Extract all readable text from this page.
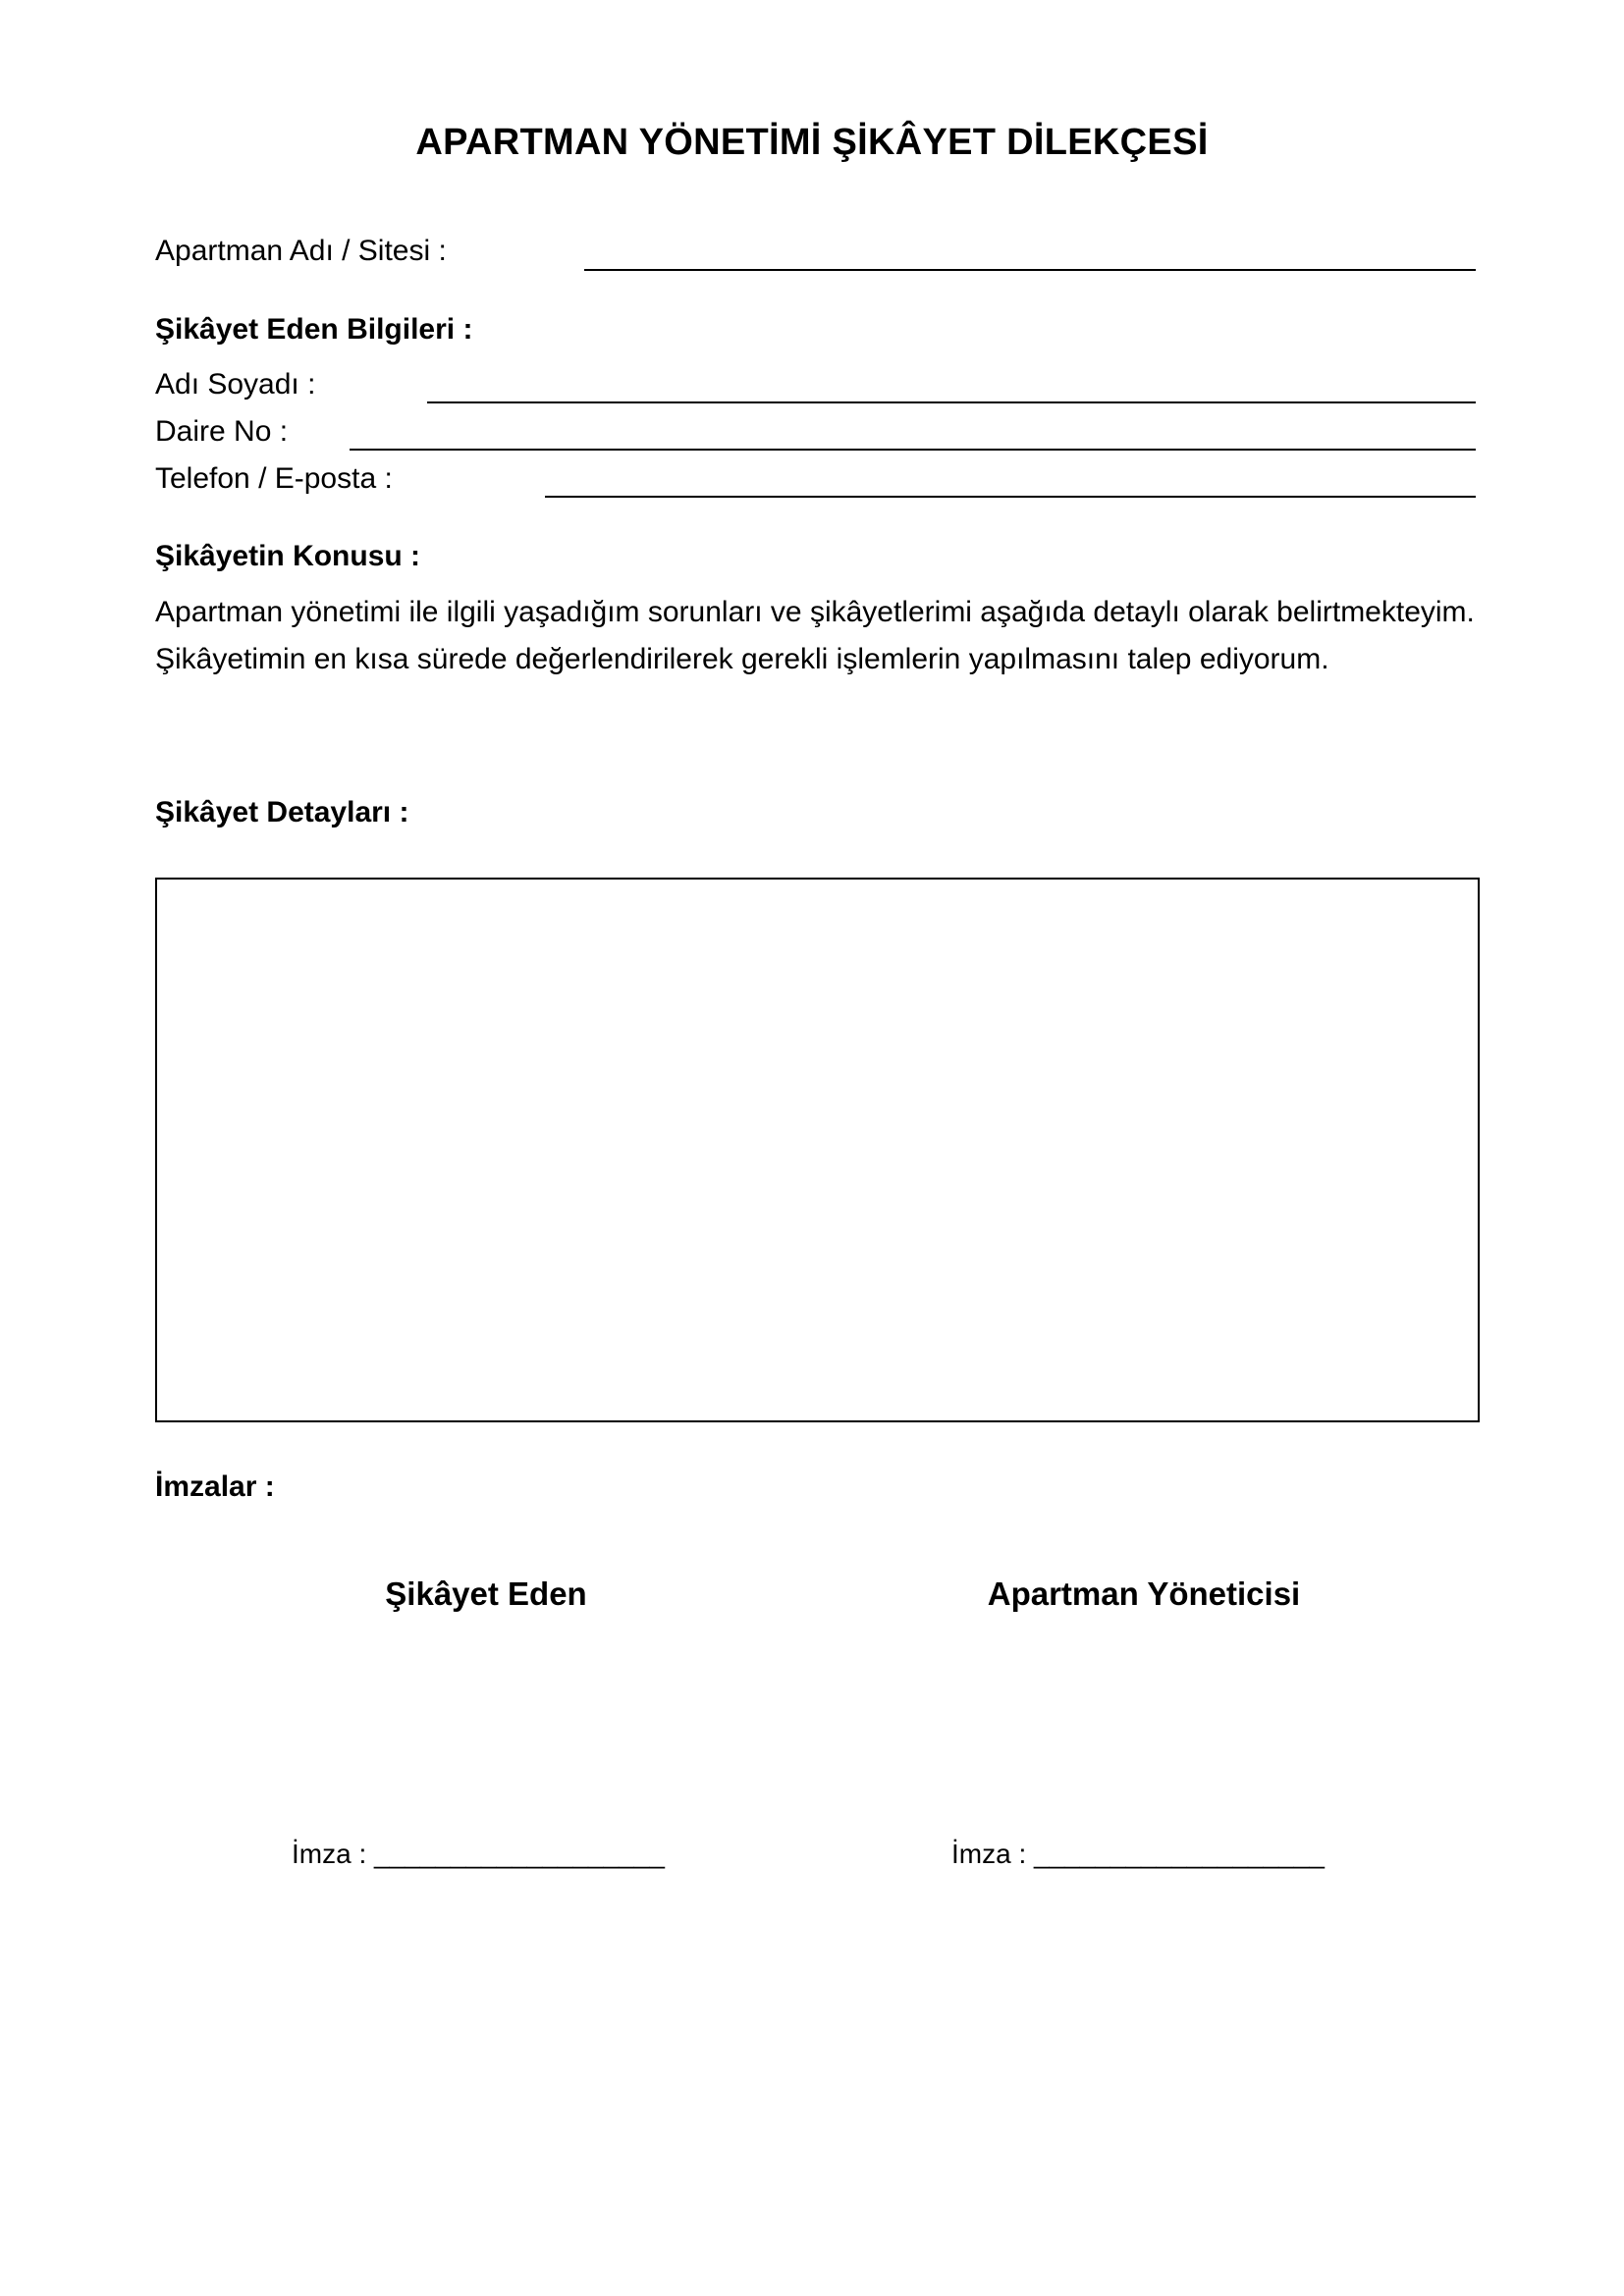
APARTMAN YÖNETİMİ ŞİKÂYET DİLEKÇESİ
Apartman Adı / Sitesi :
Şikâyet Eden Bilgileri :
Adı Soyadı :
Daire No :
Telefon / E-posta :
Şikâyetin Konusu :
Apartman yönetimi ile ilgili yaşadığım sorunları ve şikâyetlerimi aşağıda detaylı olarak belirtmekteyim. Şikâyetimin en kısa sürede değerlendirilerek gerekli işlemlerin yapılmasını talep ediyorum.
Şikâyet Detayları :
İmzalar :
Şikâyet Eden	Apartman Yöneticisi
İmza : ___________________	İmza : ___________________
